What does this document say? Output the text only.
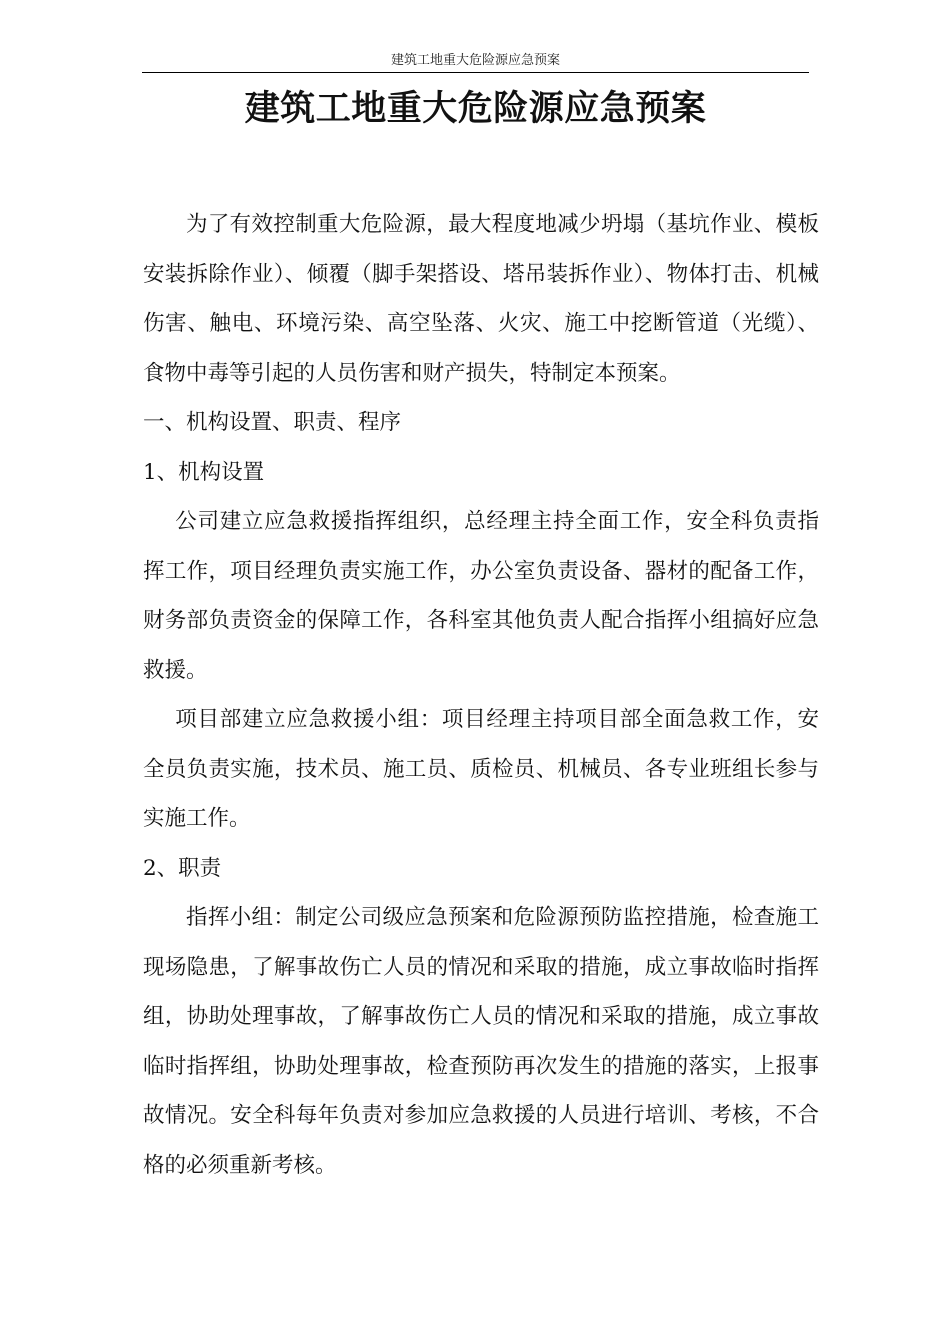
建筑工地重大危险源应急预案
建筑工地重大危险源应急预案

为了有效控制重大危险源，最大程度地减少坍塌（基坑作业、模板安装拆除作业）、倾覆（脚手架搭设、塔吊装拆作业）、物体打击、机械伤害、触电、环境污染、高空坠落、火灾、施工中挖断管道（光缆）、食物中毒等引起的人员伤害和财产损失，特制定本预案。

一、机构设置、职责、程序

1、机构设置

公司建立应急救援指挥组织，总经理主持全面工作，安全科负责指挥工作，项目经理负责实施工作，办公室负责设备、器材的配备工作，财务部负责资金的保障工作，各科室其他负责人配合指挥小组搞好应急救援。

项目部建立应急救援小组：项目经理主持项目部全面急救工作，安全员负责实施，技术员、施工员、质检员、机械员、各专业班组长参与实施工作。

2、职责

指挥小组：制定公司级应急预案和危险源预防监控措施，检查施工现场隐患，了解事故伤亡人员的情况和采取的措施，成立事故临时指挥组，协助处理事故，了解事故伤亡人员的情况和采取的措施，成立事故临时指挥组，协助处理事故，检查预防再次发生的措施的落实，上报事故情况。安全科每年负责对参加应急救援的人员进行培训、考核，不合格的必须重新考核。
